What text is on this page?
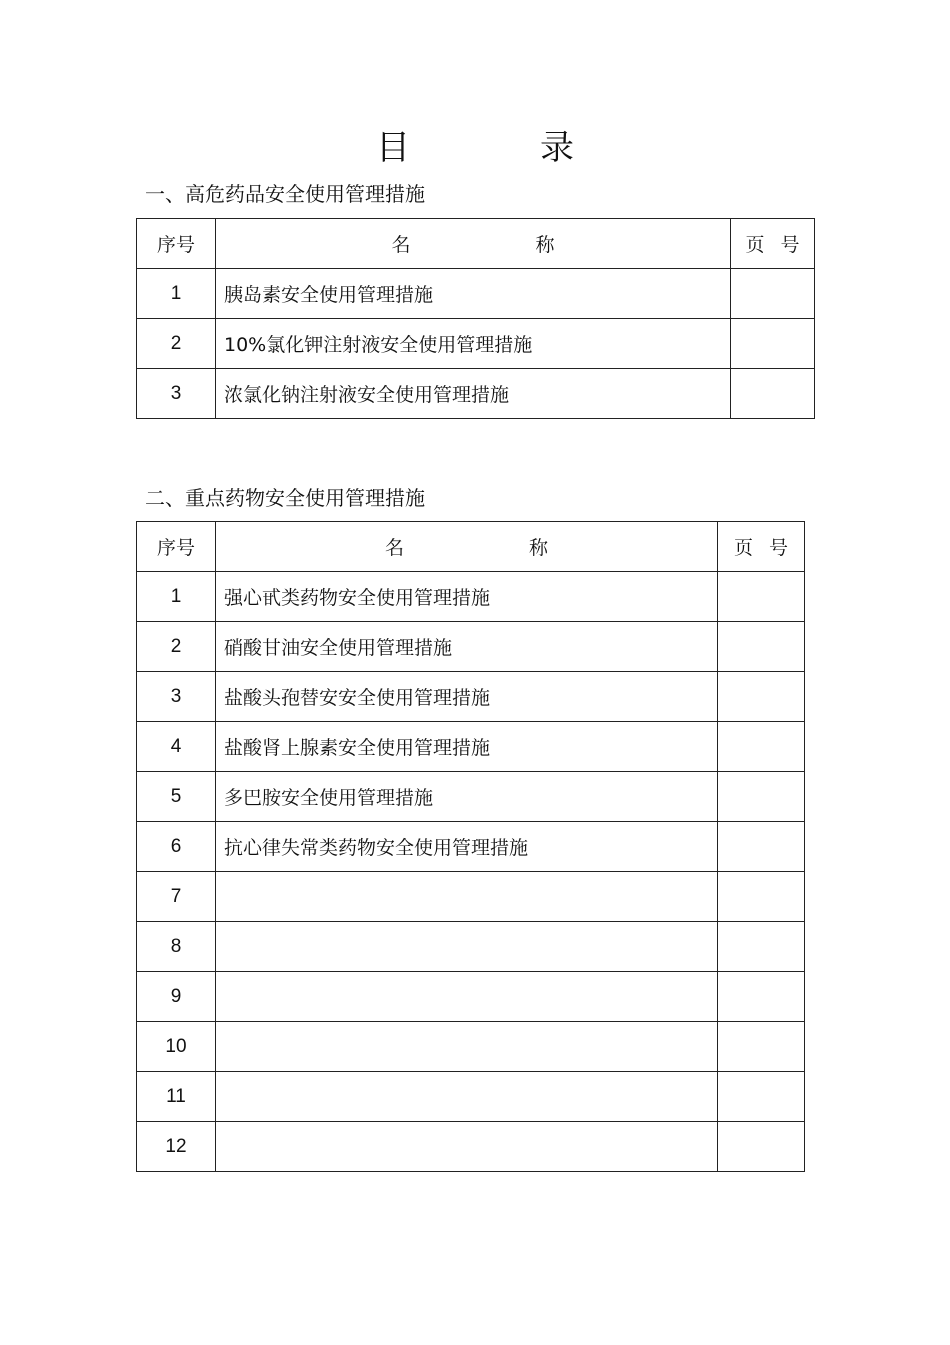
目	录
一、高危药品安全使用管理措施
序号	名 称	页 号
1	胰岛素安全使用管理措施	
2	10%氯化钾注射液安全使用管理措施	
3	浓氯化钠注射液安全使用管理措施	
二、重点药物安全使用管理措施
序号	名 称	页 号
1	强心甙类药物安全使用管理措施	
2	硝酸甘油安全使用管理措施	
3	盐酸头孢替安安全使用管理措施	
4	盐酸肾上腺素安全使用管理措施	
5	多巴胺安全使用管理措施	
6	抗心律失常类药物安全使用管理措施	
7		
8		
9		
10		
11		
12		
